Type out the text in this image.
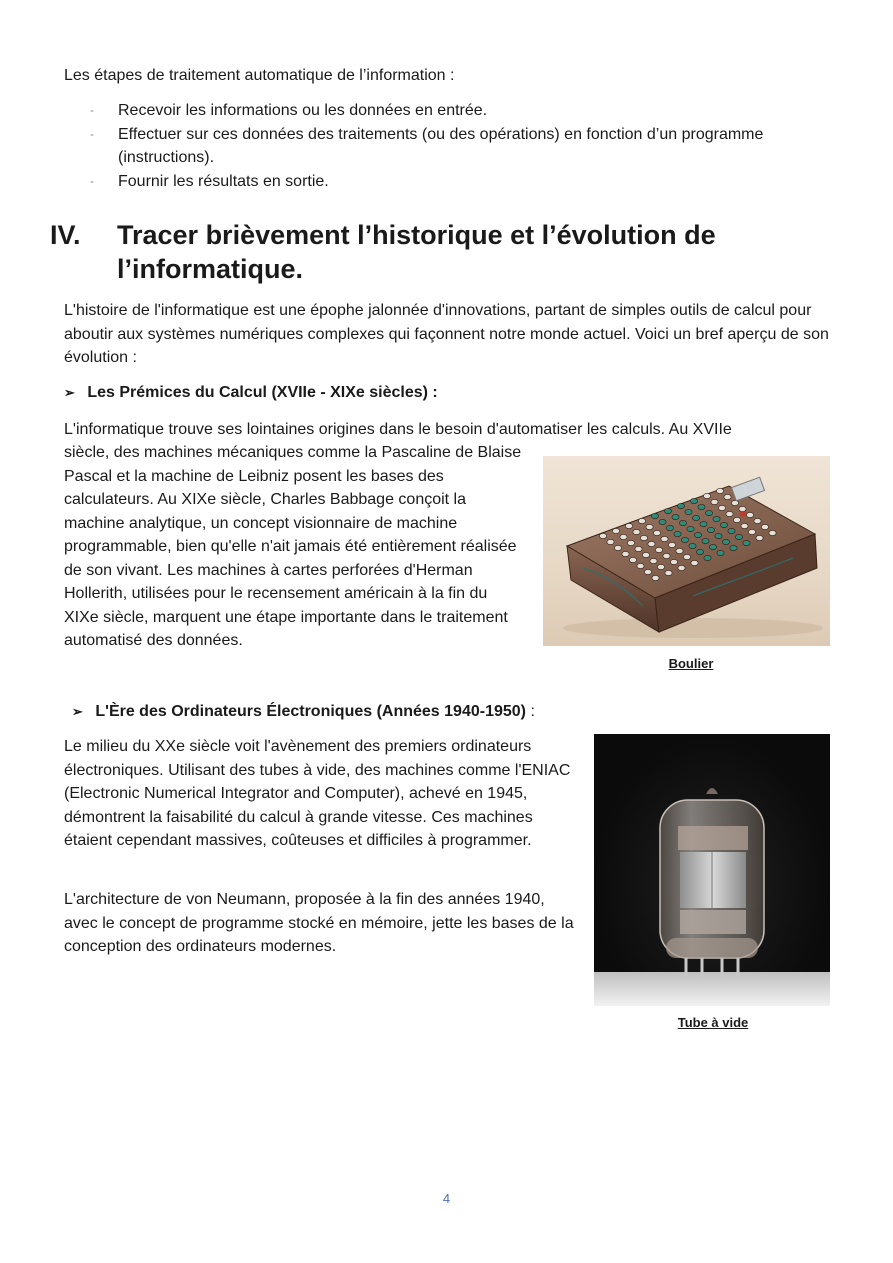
Les étapes de traitement automatique de l’information :
- Recevoir les informations ou les données en entrée.
- Effectuer sur ces données des traitements (ou des opérations) en fonction d’un programme (instructions).
- Fournir les résultats en sortie.
IV. Tracer brièvement l’historique et l’évolution de l’informatique.
L'histoire de l'informatique est une épophe jalonnée d'innovations, partant de simples outils de calcul pour aboutir aux systèmes numériques complexes qui façonnent notre monde actuel. Voici un bref aperçu de son évolution :
➢ Les Prémices du Calcul (XVIIe - XIXe siècles) :
L'informatique trouve ses lointaines origines dans le besoin d'automatiser les calculs. Au XVIIe
siècle, des machines mécaniques comme la Pascaline de Blaise Pascal et la machine de Leibniz posent les bases des calculateurs. Au XIXe siècle, Charles Babbage conçoit la machine analytique, un concept visionnaire de machine programmable, bien qu'elle n'ait jamais été entièrement réalisée de son vivant. Les machines à cartes perforées d'Herman Hollerith, utilisées pour le recensement américain à la fin du XIXe siècle, marquent une étape importante dans le traitement automatisé des données.
Boulier
➢ L'Ère des Ordinateurs Électroniques (Années 1940-1950) :
Le milieu du XXe siècle voit l'avènement des premiers ordinateurs électroniques. Utilisant des tubes à vide, des machines comme l'ENIAC (Electronic Numerical Integrator and Computer), achevé en 1945, démontrent la faisabilité du calcul à grande vitesse. Ces machines étaient cependant massives, coûteuses et difficiles à programmer.
L'architecture de von Neumann, proposée à la fin des années 1940, avec le concept de programme stocké en mémoire, jette les bases de la conception des ordinateurs modernes.
Tube à vide
4
